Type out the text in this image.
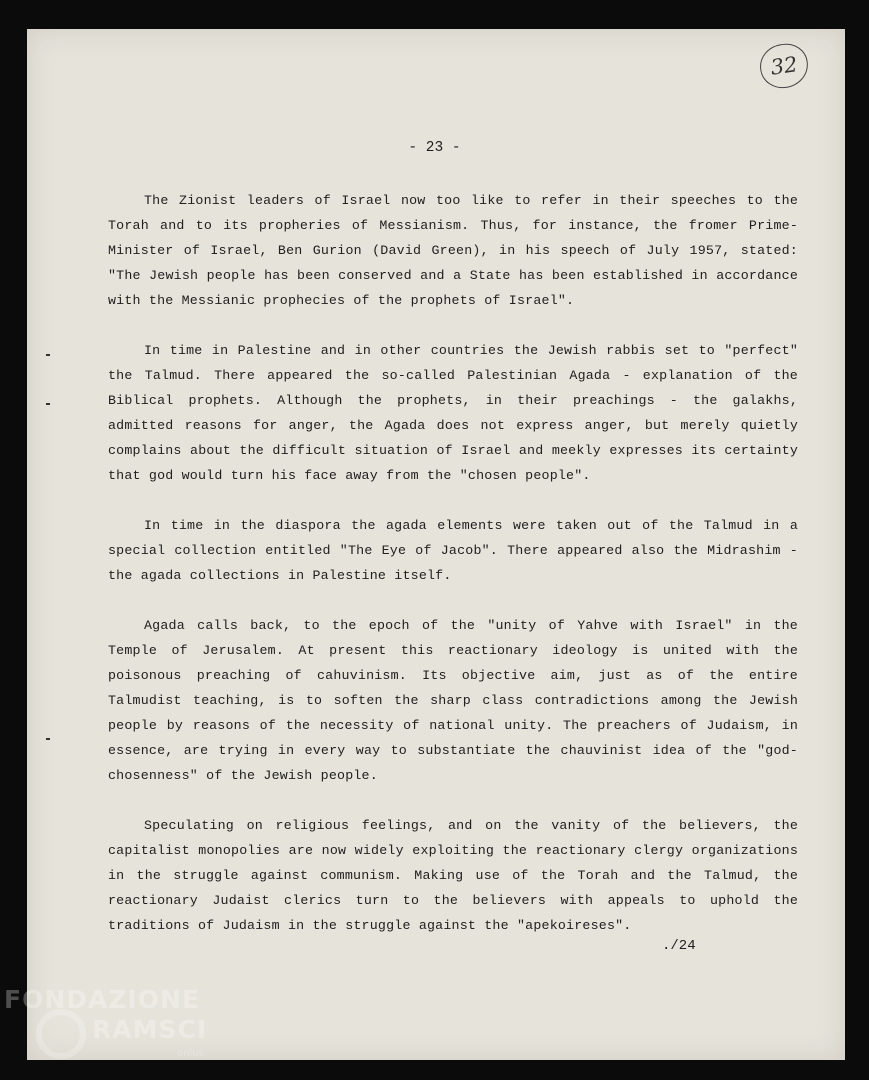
32
- 23 -

The Zionist leaders of Israel now too like to refer in their speeches to the Torah and to its propheries of Messianism. Thus, for instance, the fromer Prime-Minister of Israel, Ben Gurion (David Green), in his speech of July 1957, stated: "The Jewish people has been conserved and a State has been established in accordance with the Messianic prophecies of the prophets of Israel".

In time in Palestine and in other countries the Jewish rabbis set to "perfect" the Talmud. There appeared the so-called Palestinian Agada - explanation of the Biblical prophets. Although the prophets, in their preachings - the galakhs, admitted reasons for anger, the Agada does not express anger, but merely quietly complains about the difficult situation of Israel and meekly expresses its certainty that god would turn his face away from the "chosen people".

In time in the diaspora the agada elements were taken out of the Talmud in a special collection entitled "The Eye of Jacob". There appeared also the Midrashim - the agada collections in Palestine itself.

Agada calls back, to the epoch of the "unity of Yahve with Israel" in the Temple of Jerusalem. At present this reactionary ideology is united with the poisonous preaching of cahuvinism. Its objective aim, just as of the entire Talmudist teaching, is to soften the sharp class contradictions among the Jewish people by reasons of the necessity of national unity. The preachers of Judaism, in essence, are trying in every way to substantiate the chauvinist idea of the "god-chosenness" of the Jewish people.

Speculating on religious feelings, and on the vanity of the believers, the capitalist monopolies are now widely exploiting the reactionary clergy organizations in the struggle against communism. Making use of the Torah and the Talmud, the reactionary Judaist clerics turn to the believers with appeals to uphold the traditions of Judaism in the struggle against the "apekoireses".

./24
FONDAZIONE
RAMSCI
onlus
